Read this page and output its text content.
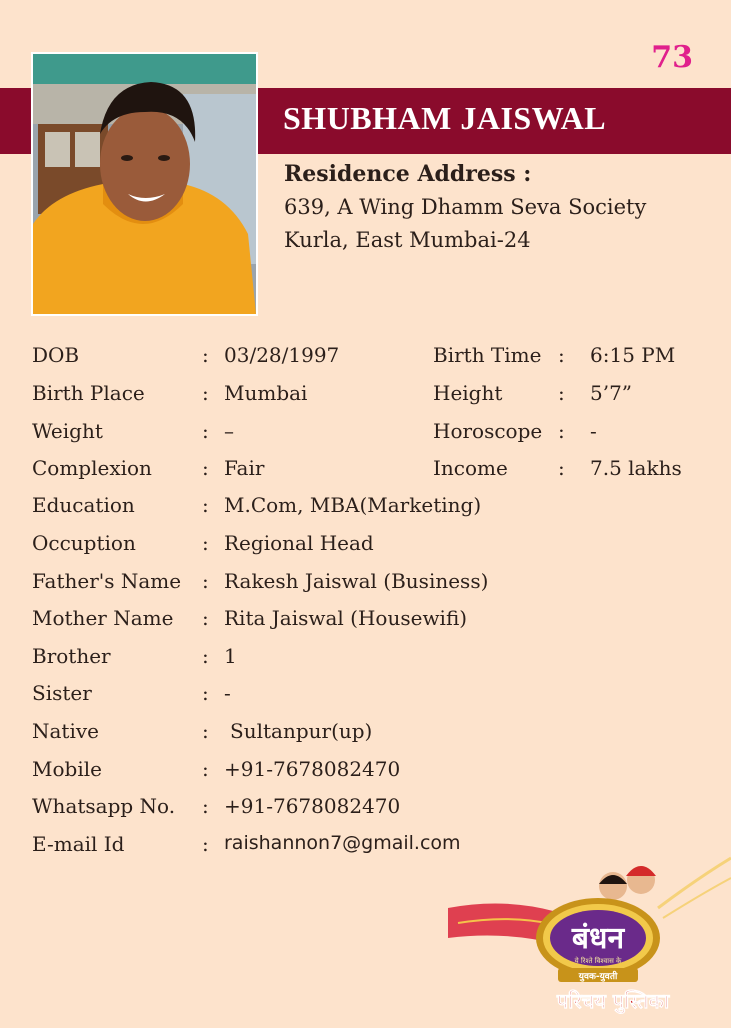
73
SHUBHAM JAISWAL
Residence Address :
639, A Wing Dhamm Seva Society
Kurla, East Mumbai-24
DOB	: 03/28/1997	Birth Time : 6:15 PM
Birth Place	: Mumbai	Height	: 5’7”
Weight	: –	Horoscope : -
Complexion	: Fair	Income	: 7.5 lakhs
Education	: M.Com, MBA(Marketing)
Occuption	: Regional Head
Father's Name : Rakesh Jaiswal (Business)
Mother Name : Rita Jaiswal (Housewifi)
Brother	: 1
Sister	: -
Native	: Sultanpur(up)
Mobile	: +91-7678082470
Whatsapp No. : +91-7678082470
E-mail Id	: raishannon7@gmail.com
बंधन
ये रिश्ते विश्वास के
युवक-युवती
परिचय पुस्तिका
